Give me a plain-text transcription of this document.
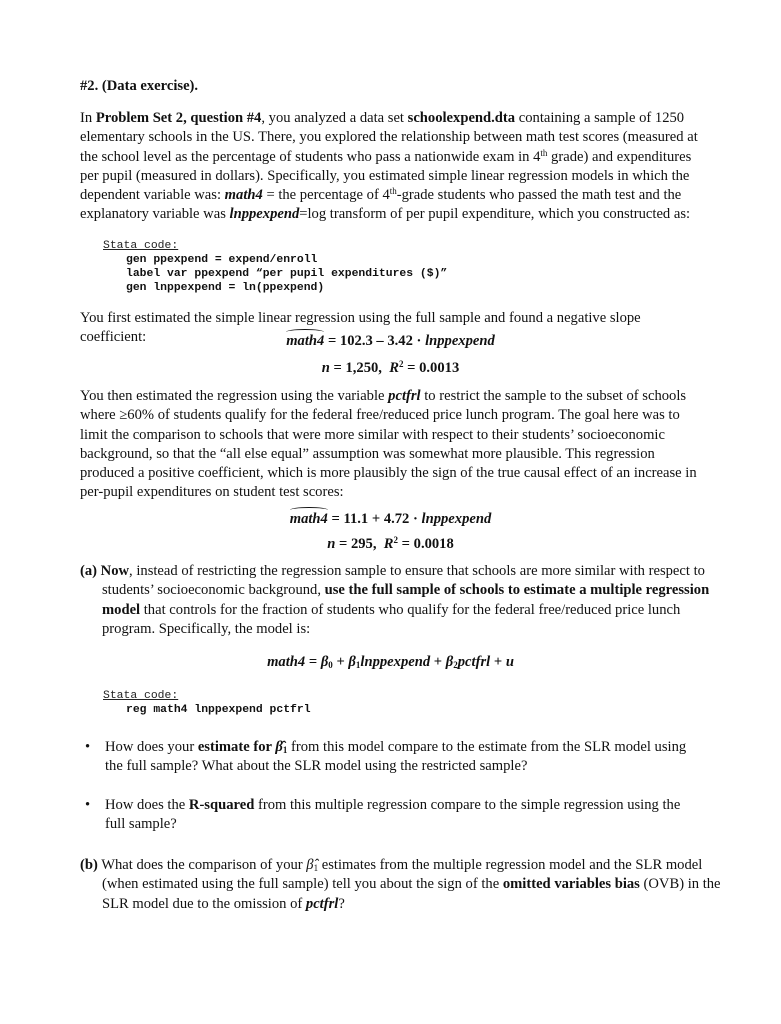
#2. (Data exercise).

In Problem Set 2, question #4, you analyzed a data set schoolexpend.dta containing a sample of 1250 elementary schools in the US. There, you explored the relationship between math test scores (measured at the school level as the percentage of students who pass a nationwide exam in 4th grade) and expenditures per pupil (measured in dollars). Specifically, you estimated simple linear regression models in which the dependent variable was: math4 = the percentage of 4th-grade students who passed the math test and the explanatory variable was lnppexpend=log transform of per pupil expenditure, which you constructed as:

Stata code:
gen ppexpend = expend/enroll
label var ppexpend “per pupil expenditures ($)”
gen lnppexpend = ln(ppexpend)

You first estimated the simple linear regression using the full sample and found a negative slope coefficient:	math4 = 102.3 – 3.42 · lnppexpend
n = 1,250,  $R^2 = 0.0013$

You then estimated the regression using the variable pctfrl to restrict the sample to the subset of schools where ≥60% of students qualify for the federal free/reduced price lunch program. The goal here was to limit the comparison to schools that were more similar with respect to their students’ socioeconomic background, so that the “all else equal” assumption was somewhat more plausible. This regression produced a positive coefficient, which is more plausibly the sign of the true causal effect of an increase in per-pupil expenditures on student test scores:

math4 = 11.1 + 4.72 · lnppexpend
n = 295,  $R^2 = 0.0018$

(a) Now, instead of restricting the regression sample to ensure that schools are more similar with respect to students’ socioeconomic background, use the full sample of schools to estimate a multiple regression model that controls for the fraction of students who qualify for the federal free/reduced price lunch program. Specifically, the model is:

math4 = $\beta_0$ + $\beta_1lnppexpend$ + $\beta_2pctfrl + u$
Stata code:
reg math4 lnppexpend pctfrl
• How does your estimate for $\betâ_1$ from this model compare to the estimate from the SLR model using the full sample? What about the SLR model using the restricted sample?
• How does the R-squared from this multiple regression compare to the simple regression using the full sample?

(b) What does the comparison of your $\betâ_1$ estimates from the multiple regression model and the SLR model (when estimated using the full sample) tell you about the sign of the omitted variables bias (OVB) in the SLR model due to the omission of pctfrl?
